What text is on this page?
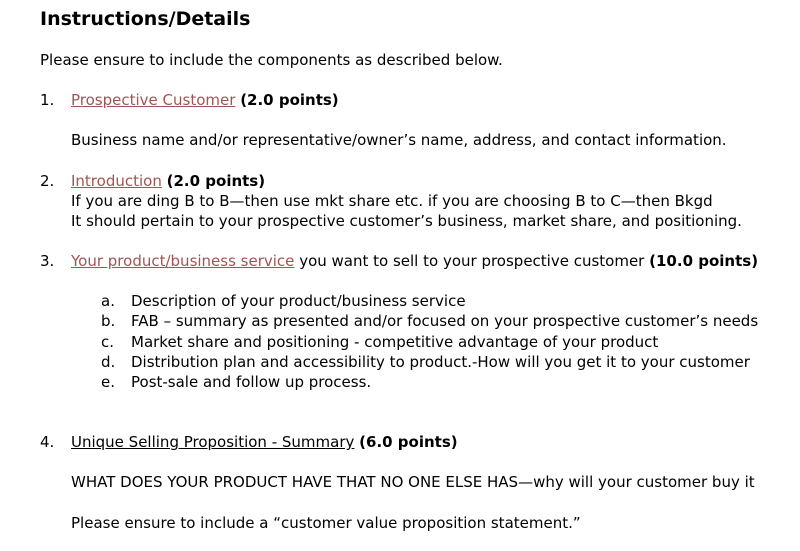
Instructions/Details
Please ensure to include the components as described below.
1. Prospective Customer (2.0 points)
Business name and/or representative/owner’s name, address, and contact information.
2. Introduction (2.0 points)
If you are ding B to B—then use mkt share etc. if you are choosing B to C—then Bkgd
It should pertain to your prospective customer’s business, market share, and positioning.
3. Your product/business service you want to sell to your prospective customer (10.0 points)
a. Description of your product/business service
b. FAB – summary as presented and/or focused on your prospective customer’s needs
c. Market share and positioning - competitive advantage of your product
d. Distribution plan and accessibility to product.-How will you get it to your customer
e. Post-sale and follow up process.
4. Unique Selling Proposition - Summary (6.0 points)
WHAT DOES YOUR PRODUCT HAVE THAT NO ONE ELSE HAS—why will your customer buy it
Please ensure to include a “customer value proposition statement.”
